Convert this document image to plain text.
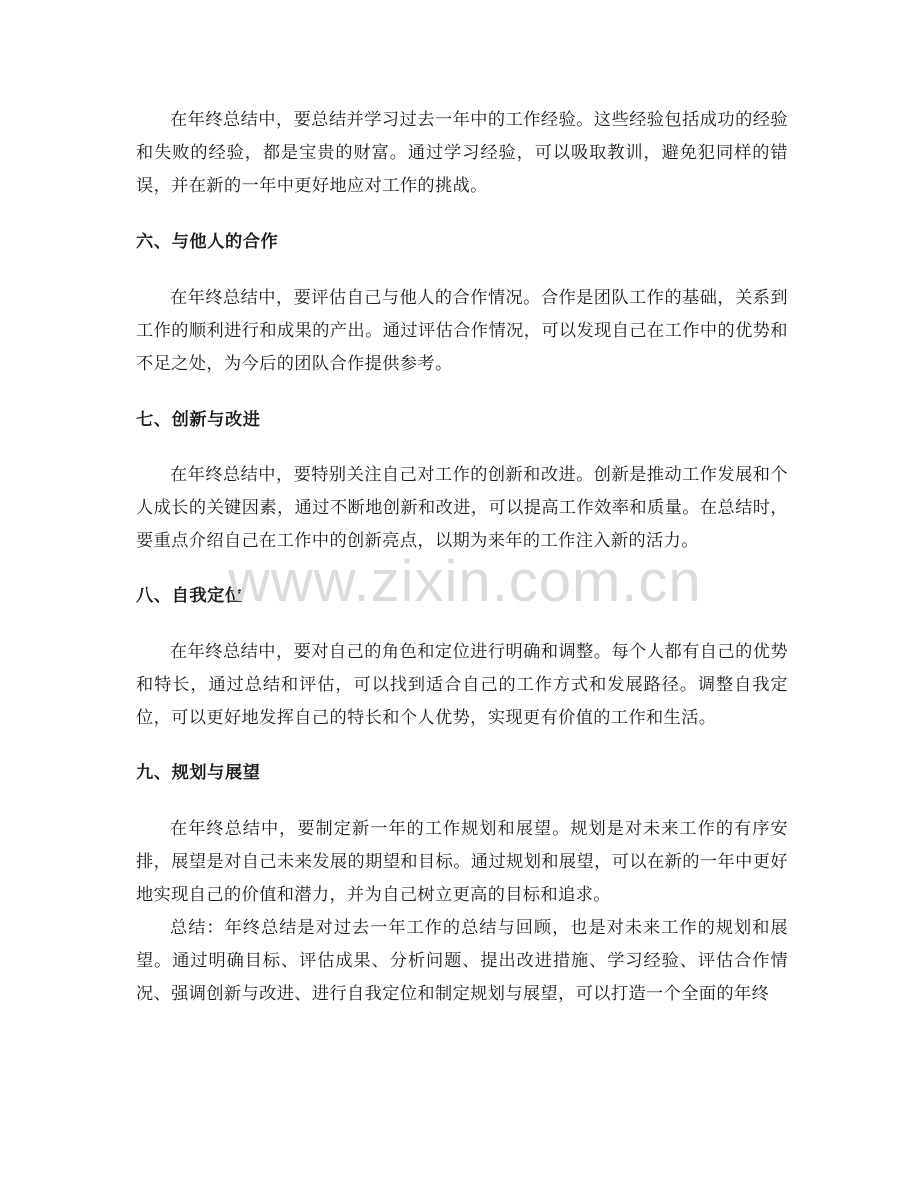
在年终总结中，要总结并学习过去一年中的工作经验。这些经验包括成功的经验和失败的经验，都是宝贵的财富。通过学习经验，可以吸取教训，避免犯同样的错误，并在新的一年中更好地应对工作的挑战。

六、与他人的合作

在年终总结中，要评估自己与他人的合作情况。合作是团队工作的基础，关系到工作的顺利进行和成果的产出。通过评估合作情况，可以发现自己在工作中的优势和不足之处，为今后的团队合作提供参考。

七、创新与改进

在年终总结中，要特别关注自己对工作的创新和改进。创新是推动工作发展和个人成长的关键因素，通过不断地创新和改进，可以提高工作效率和质量。在总结时，要重点介绍自己在工作中的创新亮点，以期为来年的工作注入新的活力。

八、自我定位

在年终总结中，要对自己的角色和定位进行明确和调整。每个人都有自己的优势和特长，通过总结和评估，可以找到适合自己的工作方式和发展路径。调整自我定位，可以更好地发挥自己的特长和个人优势，实现更有价值的工作和生活。

九、规划与展望

在年终总结中，要制定新一年的工作规划和展望。规划是对未来工作的有序安排，展望是对自己未来发展的期望和目标。通过规划和展望，可以在新的一年中更好地实现自己的价值和潜力，并为自己树立更高的目标和追求。

总结：年终总结是对过去一年工作的总结与回顾，也是对未来工作的规划和展望。通过明确目标、评估成果、分析问题、提出改进措施、学习经验、评估合作情况、强调创新与改进、进行自我定位和制定规划与展望，可以打造一个全面的年终

www.zixin.com.cn
